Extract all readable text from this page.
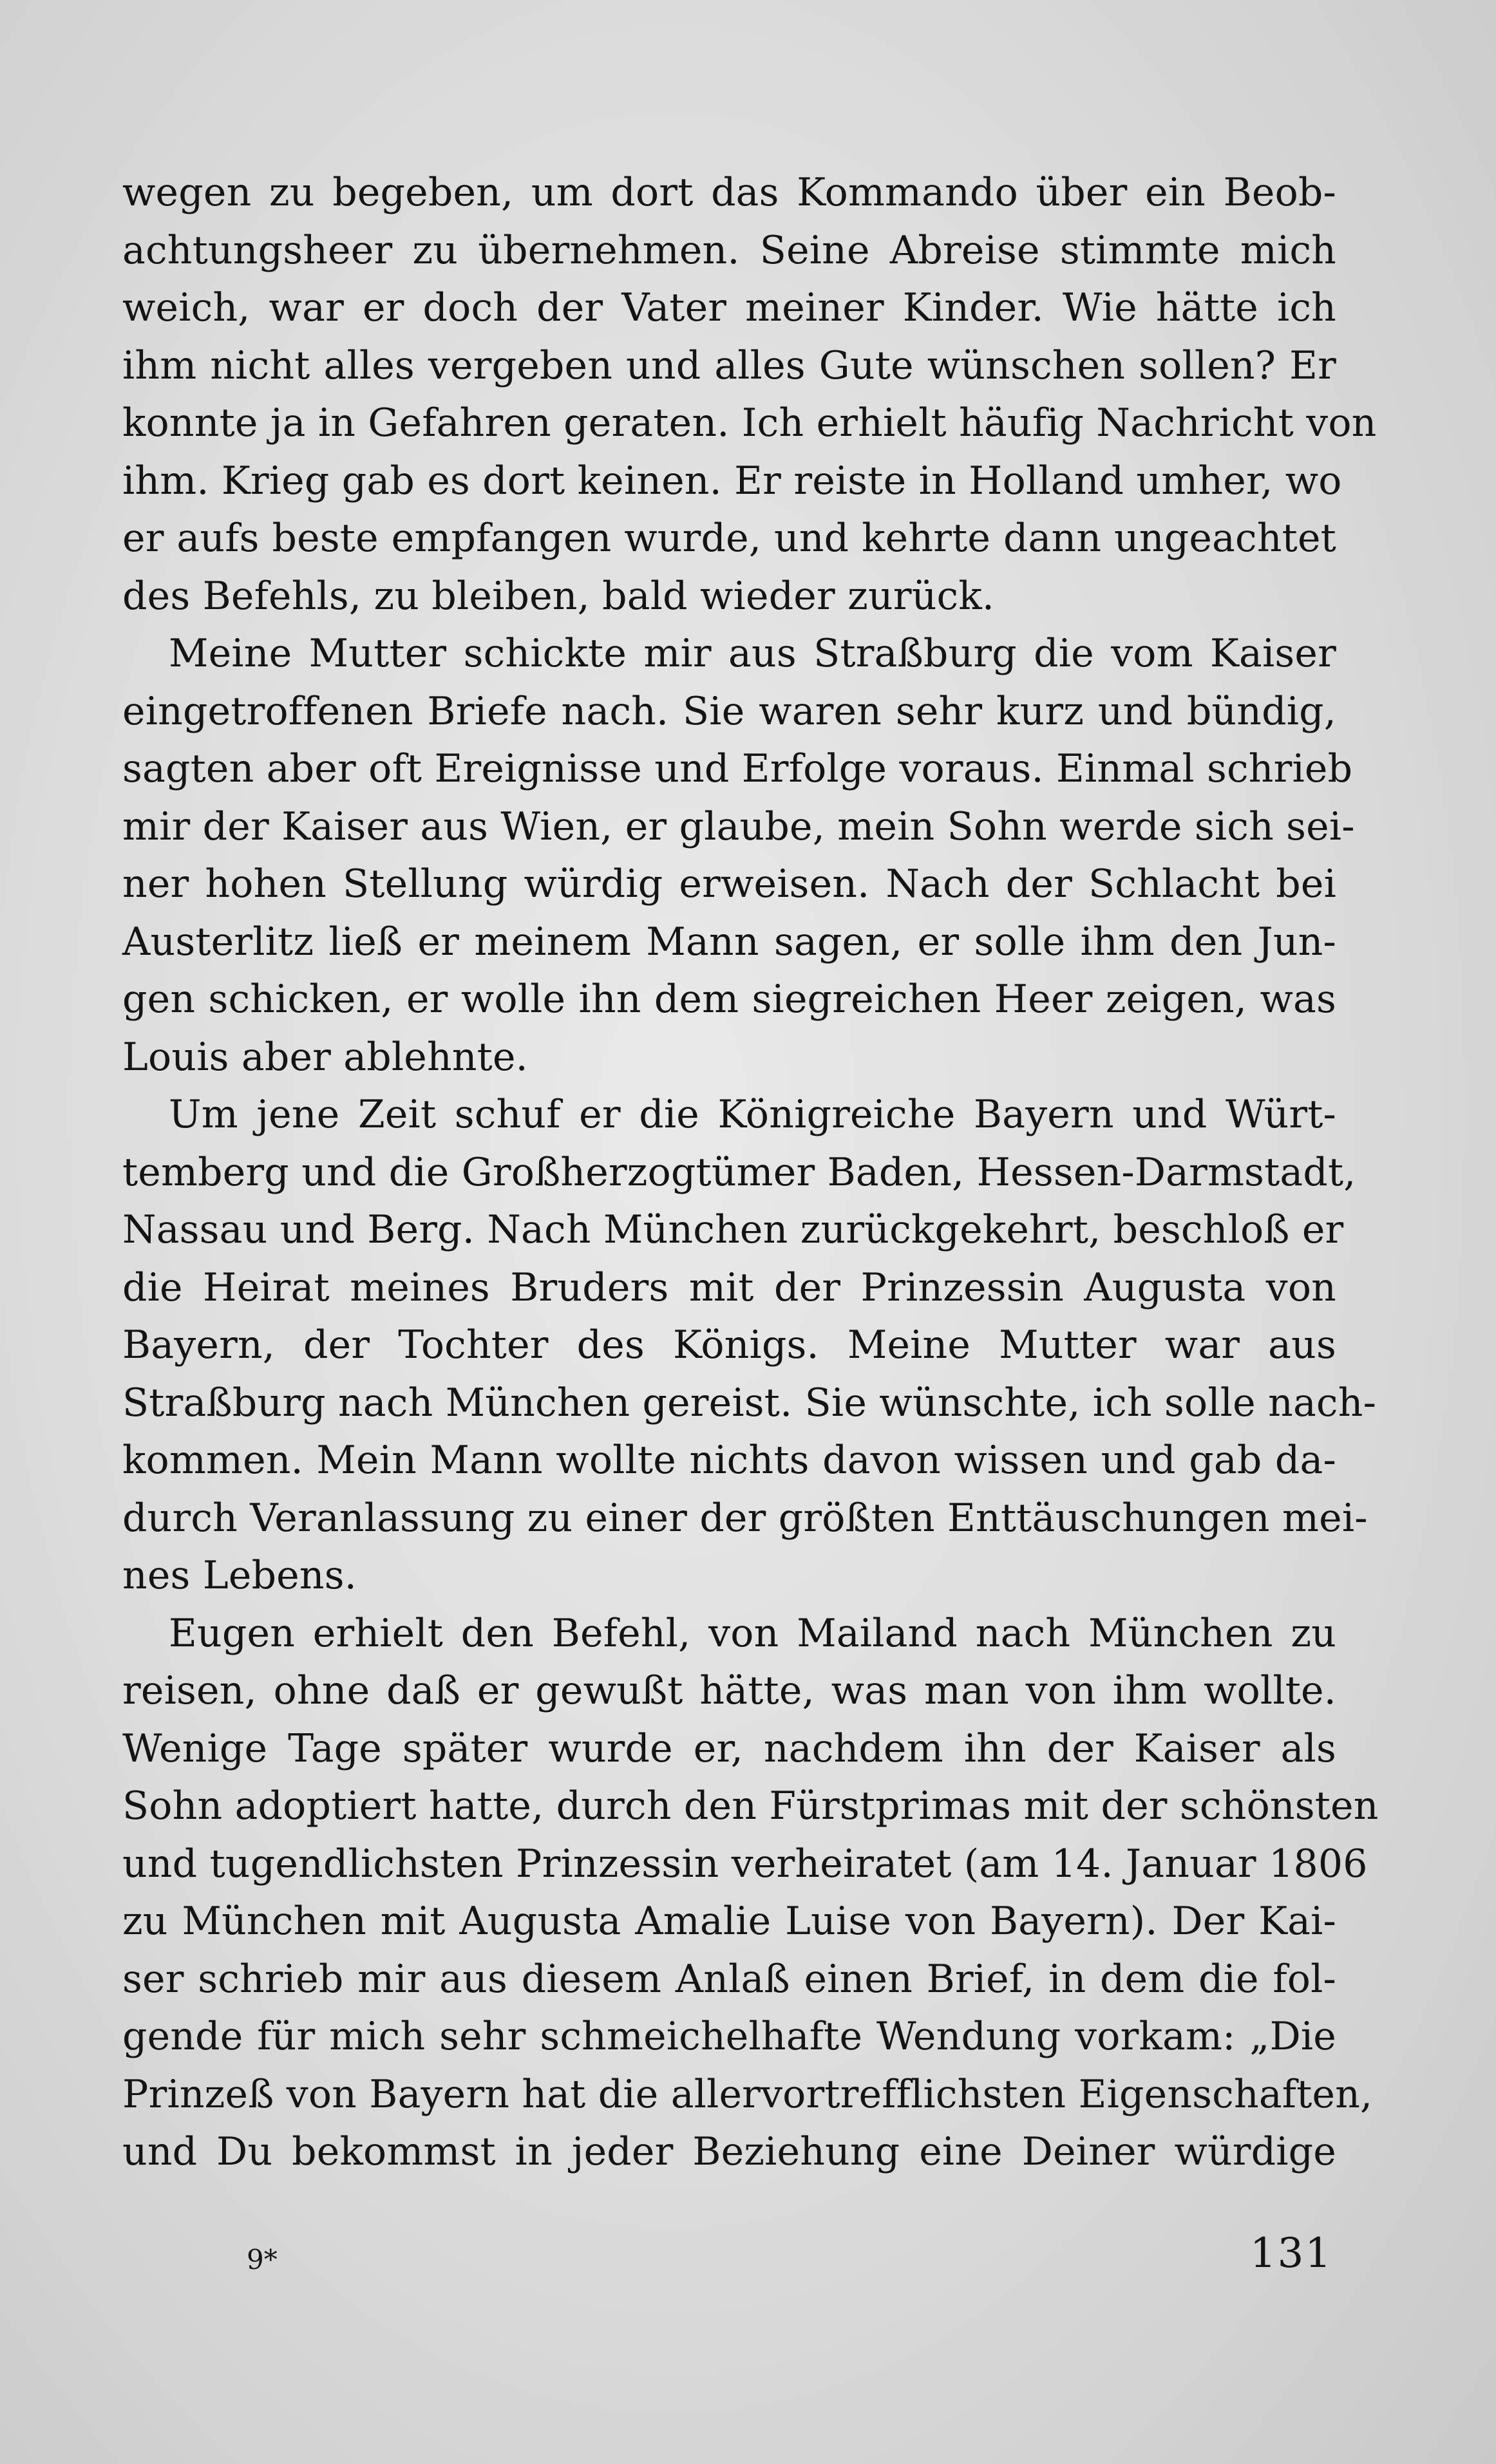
wegen zu begeben, um dort das Kommando über ein Beob-
achtungsheer zu übernehmen. Seine Abreise stimmte mich
weich, war er doch der Vater meiner Kinder. Wie hätte ich
ihm nicht alles vergeben und alles Gute wünschen sollen? Er
konnte ja in Gefahren geraten. Ich erhielt häufig Nachricht von
ihm. Krieg gab es dort keinen. Er reiste in Holland umher, wo
er aufs beste empfangen wurde, und kehrte dann ungeachtet
des Befehls, zu bleiben, bald wieder zurück.
Meine Mutter schickte mir aus Straßburg die vom Kaiser
eingetroffenen Briefe nach. Sie waren sehr kurz und bündig,
sagten aber oft Ereignisse und Erfolge voraus. Einmal schrieb
mir der Kaiser aus Wien, er glaube, mein Sohn werde sich sei-
ner hohen Stellung würdig erweisen. Nach der Schlacht bei
Austerlitz ließ er meinem Mann sagen, er solle ihm den Jun-
gen schicken, er wolle ihn dem siegreichen Heer zeigen, was
Louis aber ablehnte.
Um jene Zeit schuf er die Königreiche Bayern und Würt-
temberg und die Großherzogtümer Baden, Hessen-Darmstadt,
Nassau und Berg. Nach München zurückgekehrt, beschloß er
die Heirat meines Bruders mit der Prinzessin Augusta von
Bayern, der Tochter des Königs. Meine Mutter war aus
Straßburg nach München gereist. Sie wünschte, ich solle nach-
kommen. Mein Mann wollte nichts davon wissen und gab da-
durch Veranlassung zu einer der größten Enttäuschungen mei-
nes Lebens.
Eugen erhielt den Befehl, von Mailand nach München zu
reisen, ohne daß er gewußt hätte, was man von ihm wollte.
Wenige Tage später wurde er, nachdem ihn der Kaiser als
Sohn adoptiert hatte, durch den Fürstprimas mit der schönsten
und tugendlichsten Prinzessin verheiratet (am 14. Januar 1806
zu München mit Augusta Amalie Luise von Bayern). Der Kai-
ser schrieb mir aus diesem Anlaß einen Brief, in dem die fol-
gende für mich sehr schmeichelhafte Wendung vorkam: „Die
Prinzeß von Bayern hat die allervortrefflichsten Eigenschaften,
und Du bekommst in jeder Beziehung eine Deiner würdige
9*	131
